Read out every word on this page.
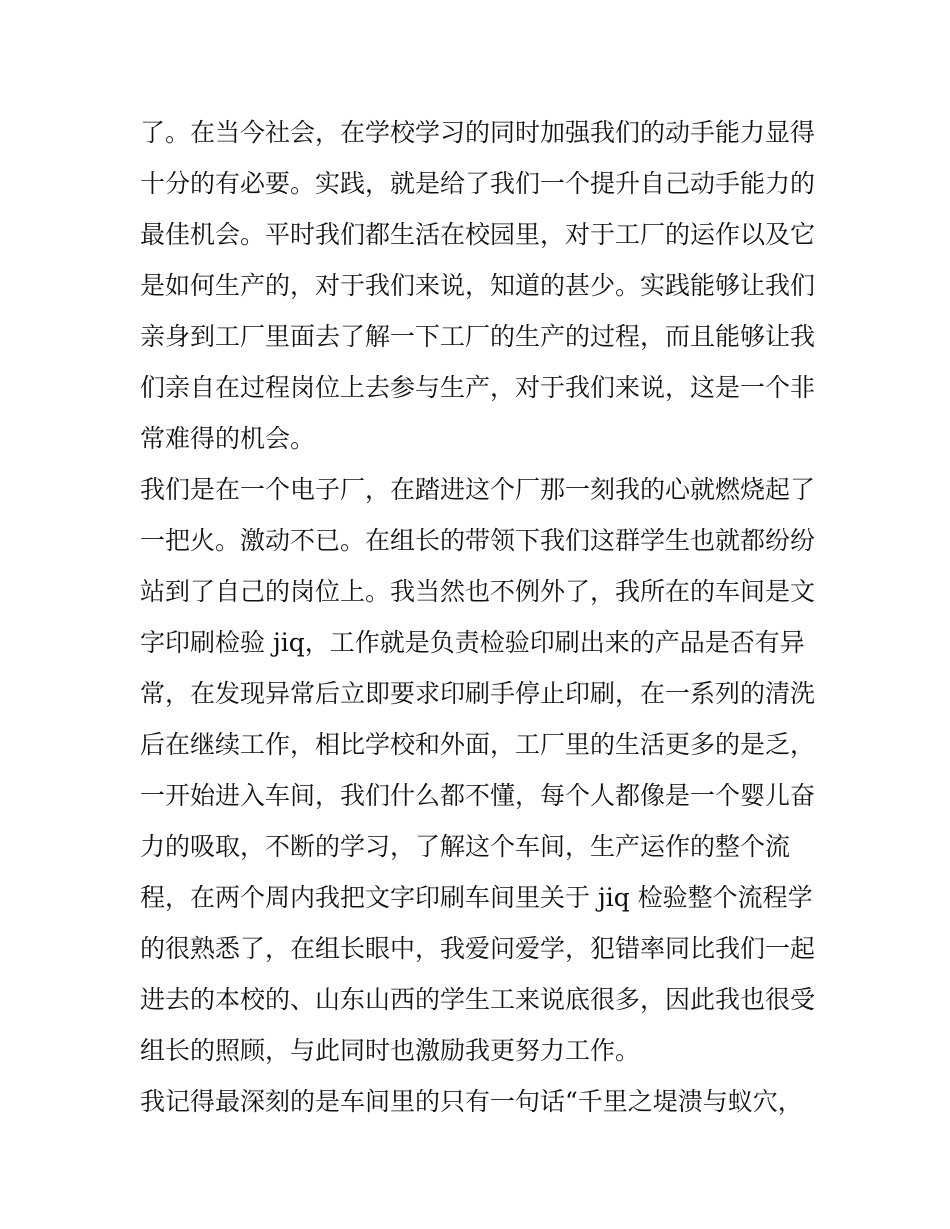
了。在当今社会，在学校学习的同时加强我们的动手能力显得
十分的有必要。实践，就是给了我们一个提升自己动手能力的
最佳机会。平时我们都生活在校园里，对于工厂的运作以及它
是如何生产的，对于我们来说，知道的甚少。实践能够让我们
亲身到工厂里面去了解一下工厂的生产的过程，而且能够让我
们亲自在过程岗位上去参与生产，对于我们来说，这是一个非
常难得的机会。
我们是在一个电子厂，在踏进这个厂那一刻我的心就燃烧起了
一把火。激动不已。在组长的带领下我们这群学生也就都纷纷
站到了自己的岗位上。我当然也不例外了，我所在的车间是文
字印刷检验 jiq，工作就是负责检验印刷出来的产品是否有异
常，在发现异常后立即要求印刷手停止印刷，在一系列的清洗
后在继续工作，相比学校和外面，工厂里的生活更多的是乏，
一开始进入车间，我们什么都不懂，每个人都像是一个婴儿奋
力的吸取，不断的学习，了解这个车间，生产运作的整个流
程，在两个周内我把文字印刷车间里关于 jiq 检验整个流程学
的很熟悉了，在组长眼中，我爱问爱学，犯错率同比我们一起
进去的本校的、山东山西的学生工来说底很多，因此我也很受
组长的照顾，与此同时也激励我更努力工作。
我记得最深刻的是车间里的只有一句话“千里之堤溃与蚁穴，
